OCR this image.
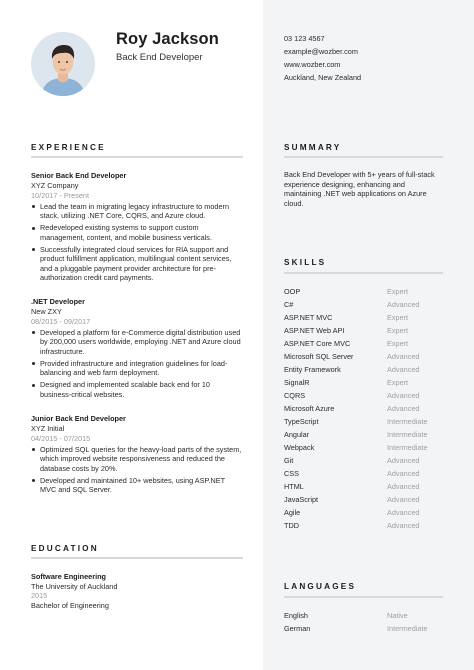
Roy Jackson
Back End Developer
03 123 4567
example@wozber.com
www.wozber.com
Auckland, New Zealand
EXPERIENCE	SUMMARY
Back End Developer with 5+ years of full-stack experience designing, enhancing and maintaining .NET web applications on Azure cloud.
Senior Back End Developer
XYZ Company
10/2017 - Present
Lead the team in migrating legacy infrastructure to modern stack, utilizing .NET Core, CQRS, and Azure cloud.
Redeveloped existing systems to support custom management, content, and mobile business verticals.
Successfully integrated cloud services for RIA support and product fulfillment application, multilingual content services, and a pluggable payment provider architecture for pre-authorization credit card payments.
.NET Developer
New ZXY
08/2015 - 09/2017
Developed a platform for e-Commerce digital distribution used by 200,000 users worldwide, employing .NET and Azure cloud infrastructure.
Provided infrastructure and integration guidelines for load-balancing and web farm deployment.
Designed and implemented scalable back end for 10 business-critical websites.
Junior Back End Developer
XYZ Initial
04/2015 - 07/2015
Optimized SQL queries for the heavy-load parts of the system, which improved website responsiveness and reduced the database costs by 20%.
Developed and maintained 10+ websites, using ASP.NET MVC and SQL Server.
SKILLS
OOP	Expert
C#	Advanced
ASP.NET MVC	Expert
ASP.NET Web API	Expert
ASP.NET Core MVC	Expert
Microsoft SQL Server	Advanced
Entity Framework	Advanced
SignalR	Expert
CQRS	Advanced
Microsoft Azure	Advanced
TypeScript	Intermediate
Angular	Intermediate
Webpack	Intermediate
Git	Advanced
CSS	Advanced
HTML	Advanced
JavaScript	Advanced
Agile	Advanced
TDD	Advanced
EDUCATION
Software Engineering
The University of Auckland
2015
Bachelor of Engineering
LANGUAGES
English	Native
German	Intermediate
